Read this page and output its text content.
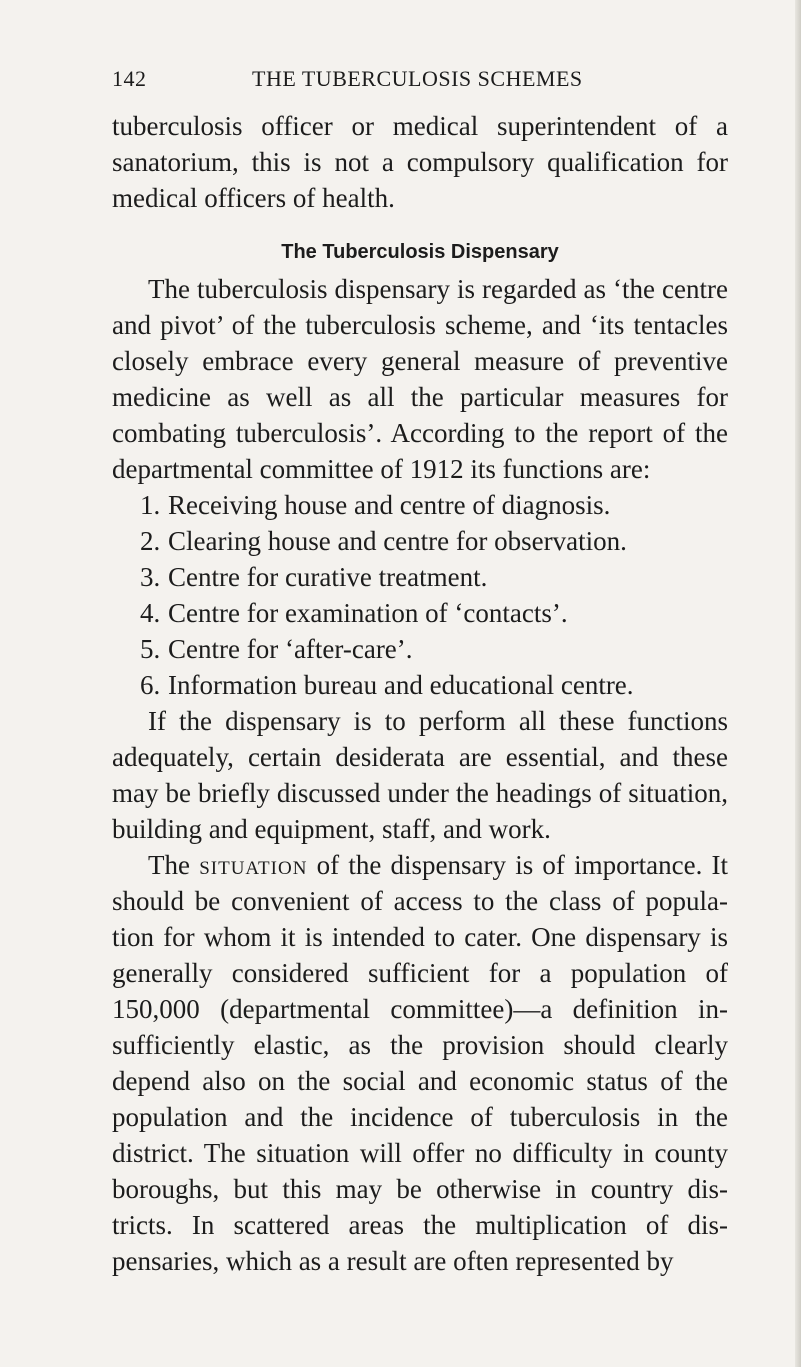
142	THE TUBERCULOSIS SCHEMES

tuberculosis officer or medical superintendent of a sanatorium, this is not a compulsory qualification for medical officers of health.

The Tuberculosis Dispensary

The tuberculosis dispensary is regarded as ‘the centre and pivot’ of the tuberculosis scheme, and ‘its tentacles closely embrace every general measure of preventive medicine as well as all the particular measures for combating tuberculosis’. According to the report of the departmental committee of 1912 its functions are:

1. Receiving house and centre of diagnosis.
2. Clearing house and centre for observation.
3. Centre for curative treatment.
4. Centre for examination of ‘contacts’.
5. Centre for ‘after-care’.
6. Information bureau and educational centre.

If the dispensary is to perform all these functions adequately, certain desiderata are essential, and these may be briefly discussed under the headings of situation, building and equipment, staff, and work.

The situation of the dispensary is of importance. It should be convenient of access to the class of popula-tion for whom it is intended to cater. One dispensary is generally considered sufficient for a population of 150,000 (departmental committee)—a definition in-sufficiently elastic, as the provision should clearly depend also on the social and economic status of the population and the incidence of tuberculosis in the district. The situation will offer no difficulty in county boroughs, but this may be otherwise in country dis-tricts. In scattered areas the multiplication of dis-pensaries, which as a result are often represented by
